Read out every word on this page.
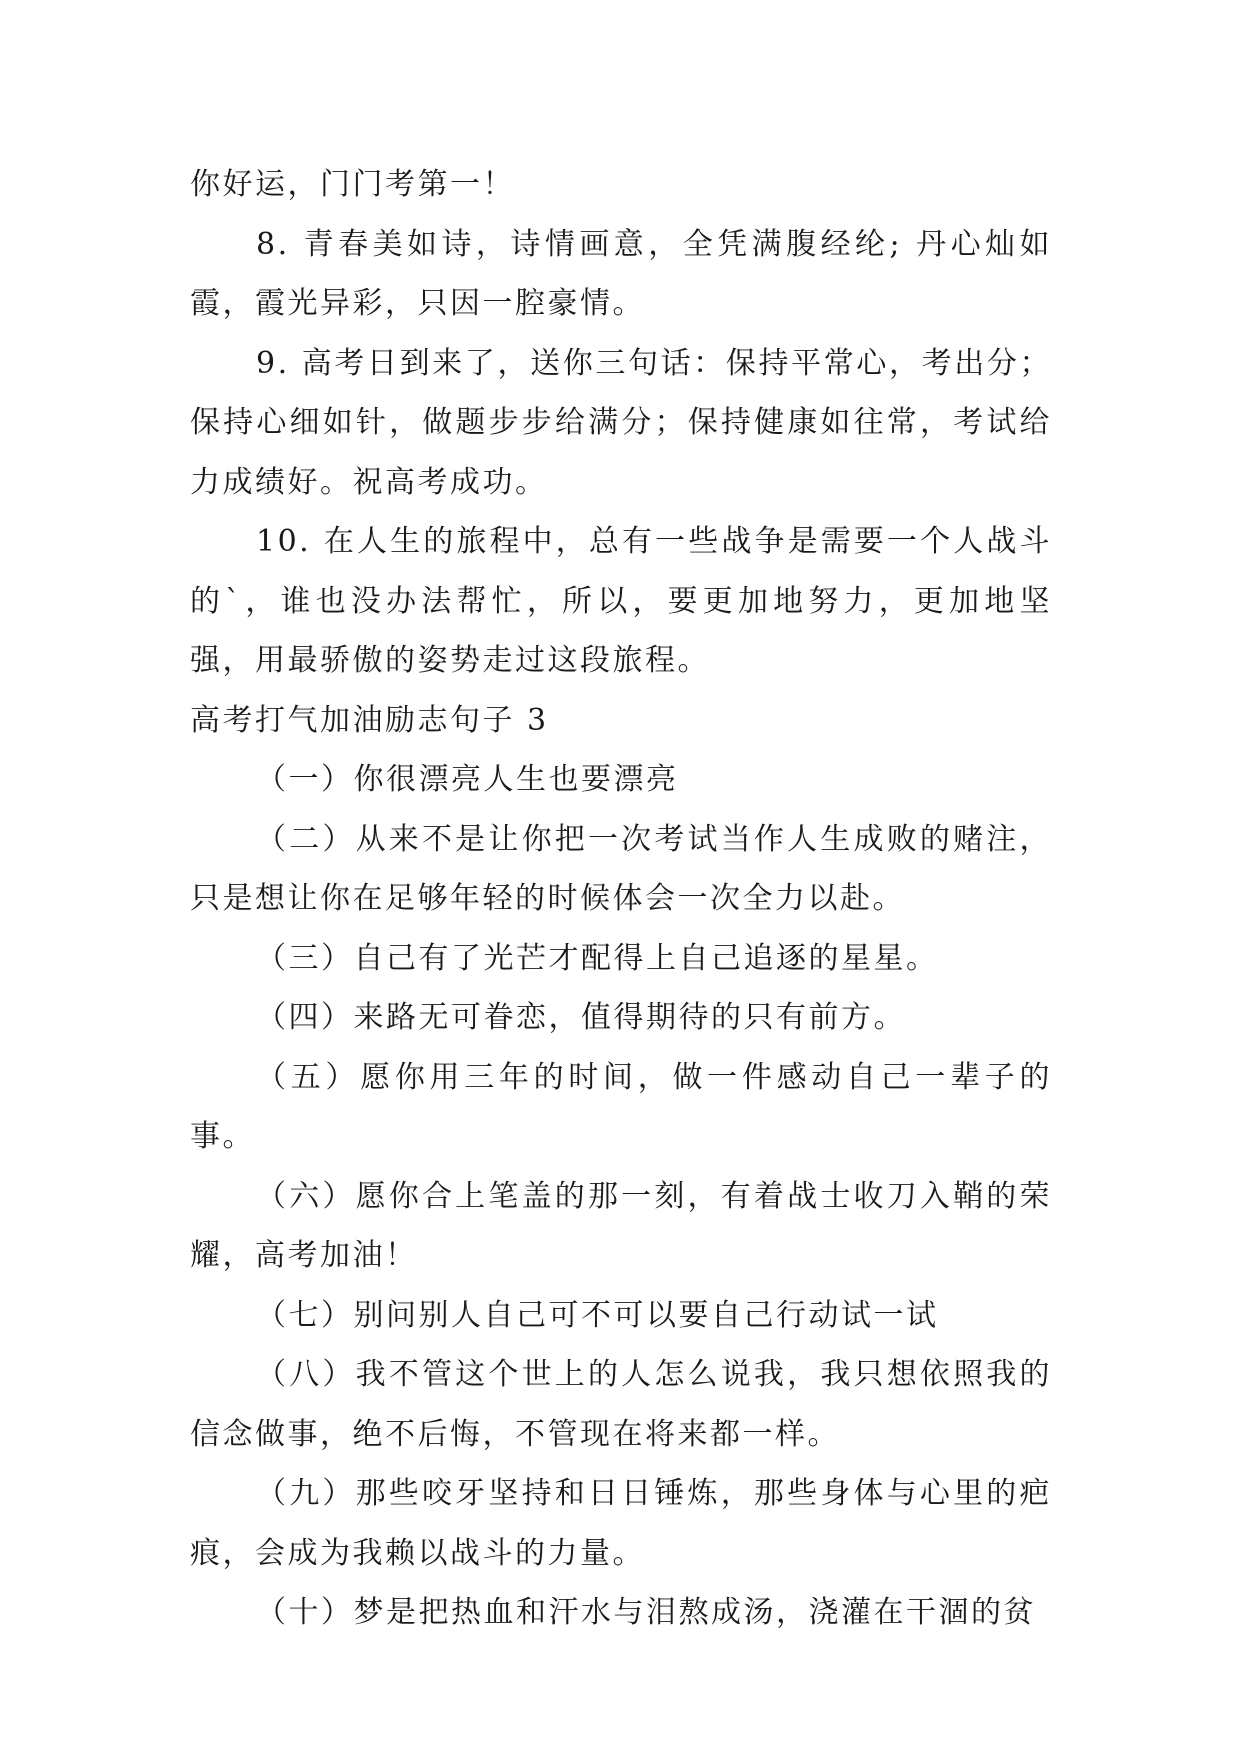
你好运，门门考第一！

8. 青春美如诗，诗情画意，全凭满腹经纶; 丹心灿如霞，霞光异彩，只因一腔豪情。

9. 高考日到来了，送你三句话：保持平常心，考出分；保持心细如针，做题步步给满分；保持健康如往常，考试给力成绩好。祝高考成功。

10. 在人生的旅程中，总有一些战争是需要一个人战斗的`，谁也没办法帮忙，所以，要更加地努力，更加地坚强，用最骄傲的姿势走过这段旅程。

高考打气加油励志句子 3

（一）你很漂亮人生也要漂亮

（二）从来不是让你把一次考试当作人生成败的赌注，只是想让你在足够年轻的时候体会一次全力以赴。

（三）自己有了光芒才配得上自己追逐的星星。

（四）来路无可眷恋，值得期待的只有前方。

（五）愿你用三年的时间，做一件感动自己一辈子的事。

（六）愿你合上笔盖的那一刻，有着战士收刀入鞘的荣耀，高考加油！

（七）别问别人自己可不可以要自己行动试一试

（八）我不管这个世上的人怎么说我，我只想依照我的信念做事，绝不后悔，不管现在将来都一样。

（九）那些咬牙坚持和日日锤炼，那些身体与心里的疤痕，会成为我赖以战斗的力量。

（十）梦是把热血和汗水与泪熬成汤，浇灌在干涸的贫
